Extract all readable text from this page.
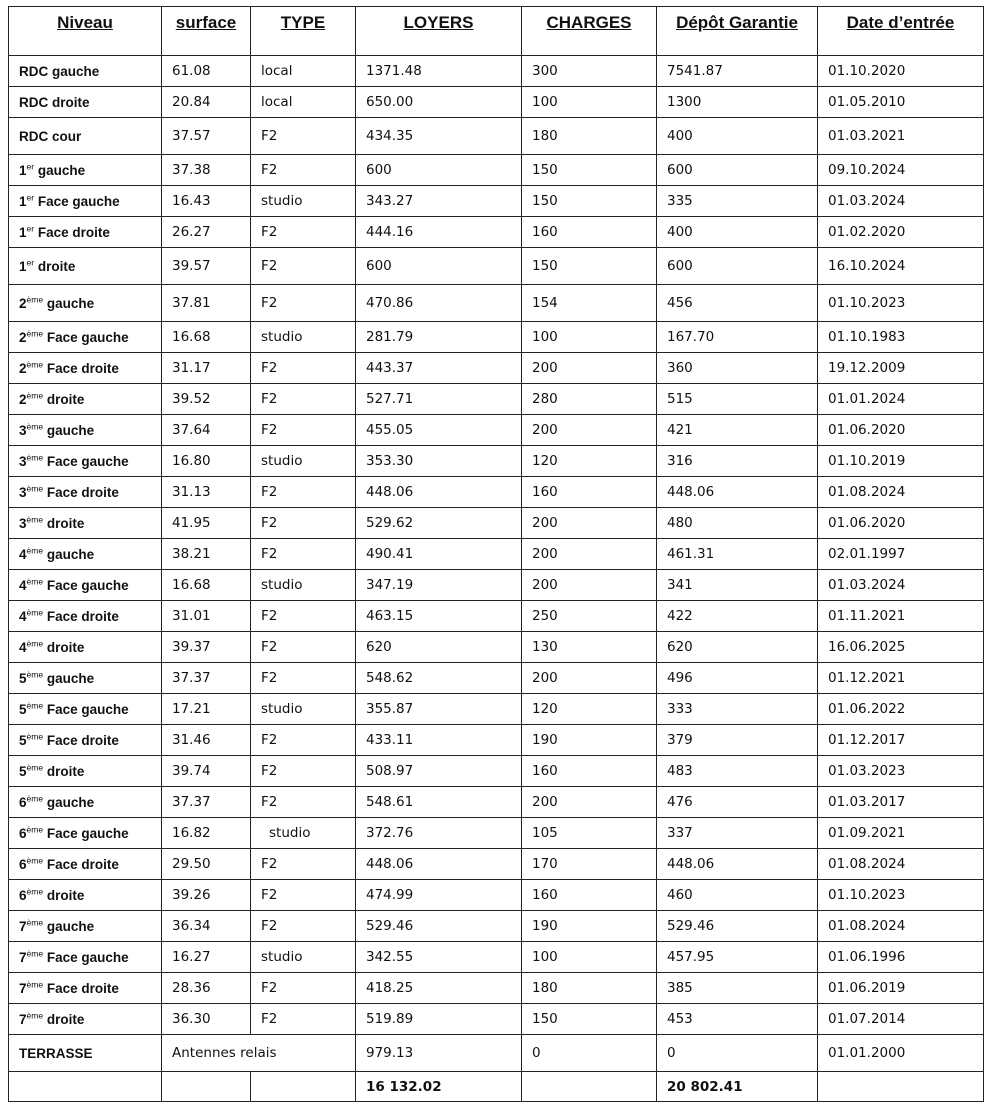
Niveau	surface	TYPE	LOYERS	CHARGES	Dépôt Garantie	Date d’entrée
RDC gauche	61.08	local	1371.48	300	7541.87	01.10.2020
RDC droite	20.84	local	650.00	100	1300	01.05.2010
RDC cour	37.57	F2	434.35	180	400	01.03.2021
1er gauche	37.38	F2	600	150	600	09.10.2024
1er Face gauche	16.43	studio	343.27	150	335	01.03.2024
1er Face droite	26.27	F2	444.16	160	400	01.02.2020
1er droite	39.57	F2	600	150	600	16.10.2024
2ème gauche	37.81	F2	470.86	154	456	01.10.2023
2ème Face gauche	16.68	studio	281.79	100	167.70	01.10.1983
2ème Face droite	31.17	F2	443.37	200	360	19.12.2009
2ème droite	39.52	F2	527.71	280	515	01.01.2024
3ème gauche	37.64	F2	455.05	200	421	01.06.2020
3ème Face gauche	16.80	studio	353.30	120	316	01.10.2019
3ème Face droite	31.13	F2	448.06	160	448.06	01.08.2024
3ème droite	41.95	F2	529.62	200	480	01.06.2020
4ème gauche	38.21	F2	490.41	200	461.31	02.01.1997
4ème Face gauche	16.68	studio	347.19	200	341	01.03.2024
4ème Face droite	31.01	F2	463.15	250	422	01.11.2021
4ème droite	39.37	F2	620	130	620	16.06.2025
5ème gauche	37.37	F2	548.62	200	496	01.12.2021
5ème Face gauche	17.21	studio	355.87	120	333	01.06.2022
5ème Face droite	31.46	F2	433.11	190	379	01.12.2017
5ème droite	39.74	F2	508.97	160	483	01.03.2023
6ème gauche	37.37	F2	548.61	200	476	01.03.2017
6ème Face gauche	16.82	studio	372.76	105	337	01.09.2021
6ème Face droite	29.50	F2	448.06	170	448.06	01.08.2024
6ème droite	39.26	F2	474.99	160	460	01.10.2023
7ème gauche	36.34	F2	529.46	190	529.46	01.08.2024
7ème Face gauche	16.27	studio	342.55	100	457.95	01.06.1996
7ème Face droite	28.36	F2	418.25	180	385	01.06.2019
7ème droite	36.30	F2	519.89	150	453	01.07.2014
TERRASSE	Antennes relais		979.13	0	0	01.01.2000
			16 132.02		20 802.41	
